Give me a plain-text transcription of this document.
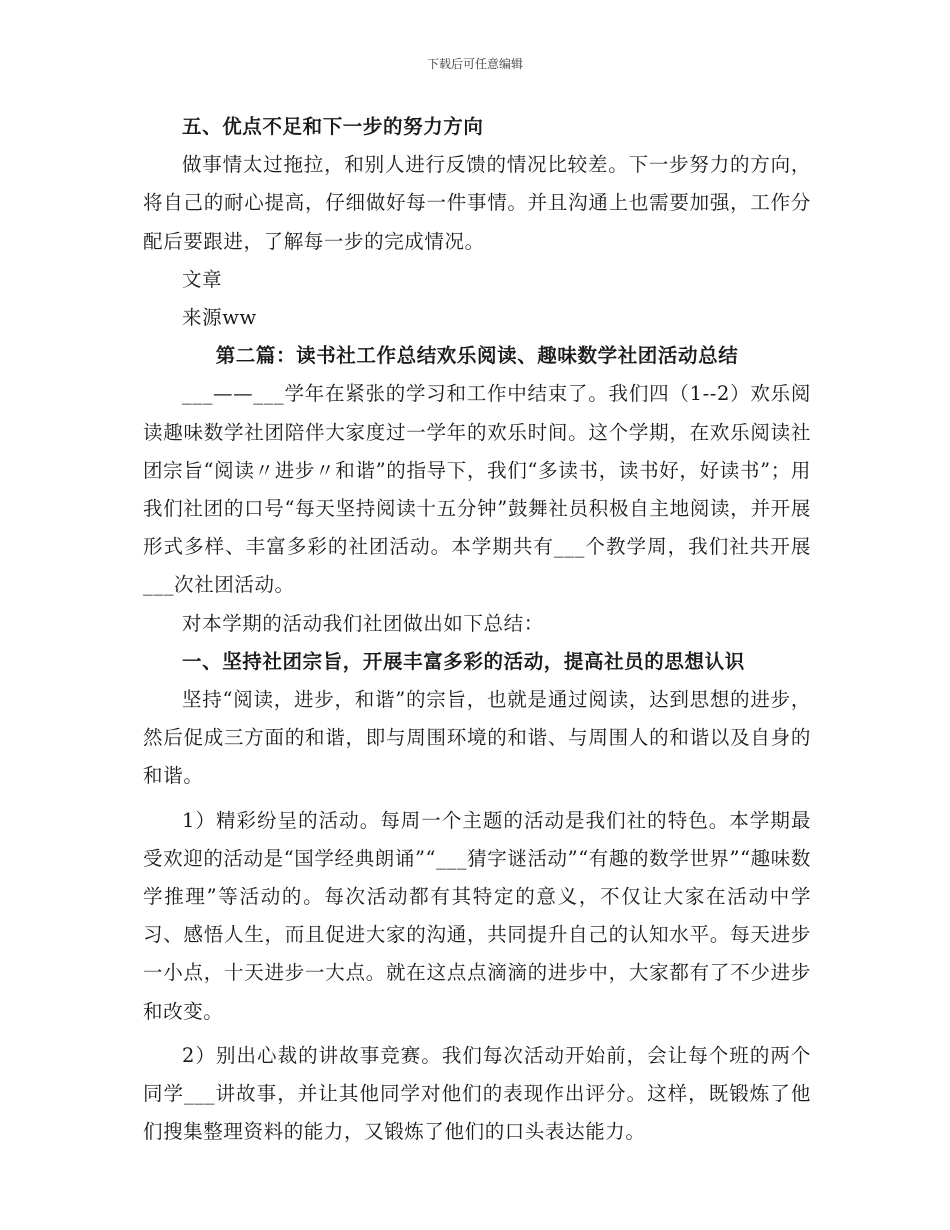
下载后可任意编辑

五、优点不足和下一步的努力方向

做事情太过拖拉，和别人进行反馈的情况比较差。下一步努力的方向，将自己的耐心提高，仔细做好每一件事情。并且沟通上也需要加强，工作分配后要跟进，了解每一步的完成情况。

文章

来源ww

第二篇：读书社工作总结欢乐阅读、趣味数学社团活动总结

___——___学年在紧张的学习和工作中结束了。我们四（1--2）欢乐阅读趣味数学社团陪伴大家度过一学年的欢乐时间。这个学期，在欢乐阅读社团宗旨“阅读〃进步〃和谐”的指导下，我们“多读书，读书好，好读书”；用我们社团的口号“每天坚持阅读十五分钟”鼓舞社员积极自主地阅读，并开展形式多样、丰富多彩的社团活动。本学期共有___个教学周，我们社共开展___次社团活动。

对本学期的活动我们社团做出如下总结：

一、坚持社团宗旨，开展丰富多彩的活动，提高社员的思想认识

坚持“阅读，进步，和谐”的宗旨，也就是通过阅读，达到思想的进步，然后促成三方面的和谐，即与周围环境的和谐、与周围人的和谐以及自身的和谐。

1）精彩纷呈的活动。每周一个主题的活动是我们社的特色。本学期最受欢迎的活动是“国学经典朗诵”“___猜字谜活动”“有趣的数学世界”“趣味数学推理”等活动的。每次活动都有其特定的意义，不仅让大家在活动中学习、感悟人生，而且促进大家的沟通，共同提升自己的认知水平。每天进步一小点，十天进步一大点。就在这点点滴滴的进步中，大家都有了不少进步和改变。

2）别出心裁的讲故事竞赛。我们每次活动开始前，会让每个班的两个同学___讲故事，并让其他同学对他们的表现作出评分。这样，既锻炼了他们搜集整理资料的能力，又锻炼了他们的口头表达能力。
